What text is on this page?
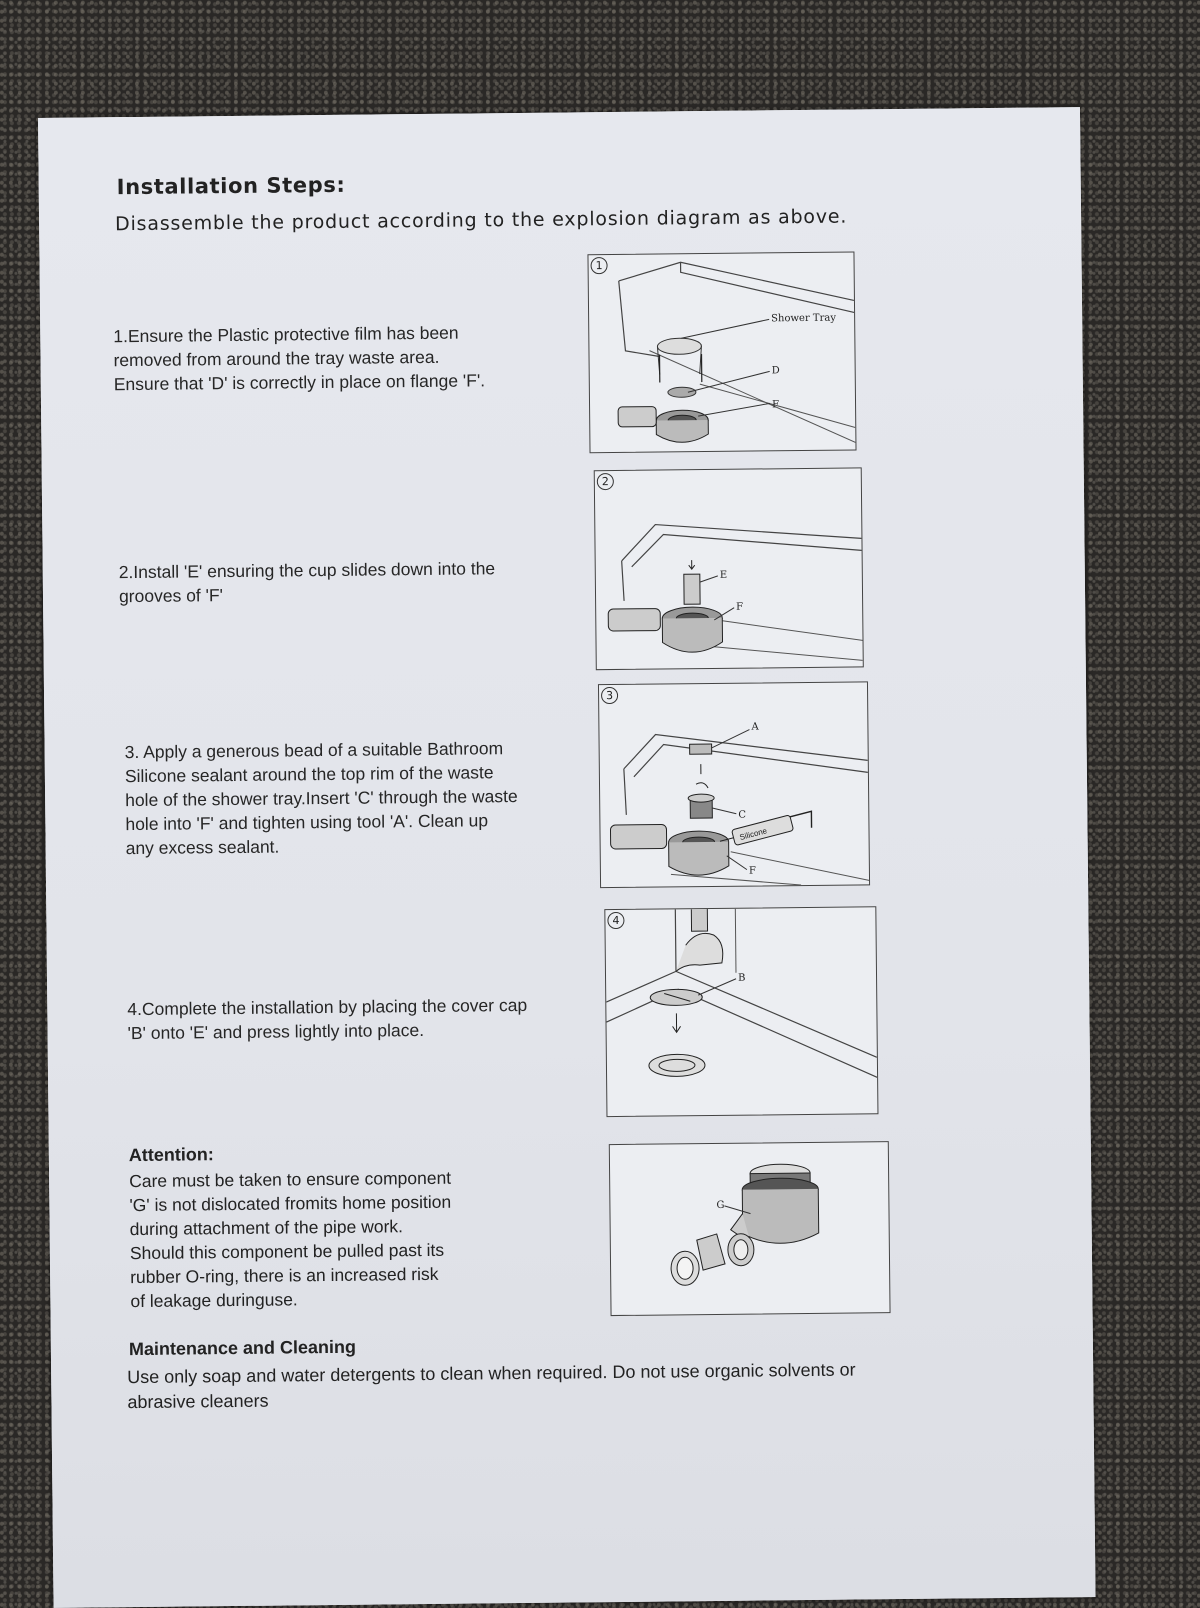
Installation Steps:

Disassemble the product according to the explosion diagram as above.

1.Ensure the Plastic protective film has been
removed from around the tray waste area.
Ensure that 'D' is correctly in place on flange 'F'.

1
Shower Tray
D
F

2.Install 'E' ensuring the cup slides down into the
grooves of 'F'

2
E
F

3. Apply a generous bead of a suitable Bathroom
Silicone sealant around the top rim of the waste
hole of the shower tray.Insert 'C' through the waste
hole into 'F' and tighten using tool 'A'. Clean up
any excess sealant.

3
Silicone
A
C
F

4.Complete the installation by placing the cover cap
'B' onto 'E' and press lightly into place.

4
B

Attention:

Care must be taken to ensure component
'G' is not dislocated fromits home position
during attachment of the pipe work.
Should this component be pulled past its
rubber O-ring, there is an increased risk
of leakage duringuse.

G

Maintenance and Cleaning

Use only soap and water detergents to clean when required. Do not use organic solvents or abrasive cleaners
